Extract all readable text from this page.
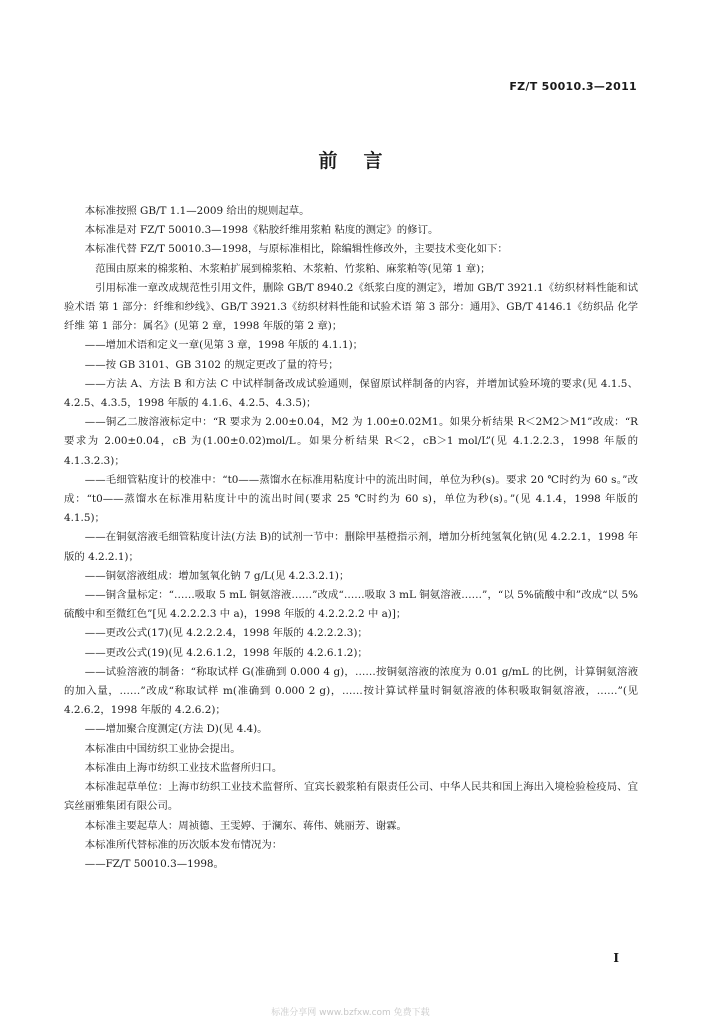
FZ/T 50010.3—2011
前言

本标准按照 GB/T 1.1—2009 给出的规则起草。

本标准是对 FZ/T 50010.3—1998《粘胶纤维用浆粕 粘度的测定》的修订。

本标准代替 FZ/T 50010.3—1998，与原标准相比，除编辑性修改外，主要技术变化如下：

范围由原来的棉浆粕、木浆粕扩展到棉浆粕、木浆粕、竹浆粕、麻浆粕等(见第 1 章)；

引用标准一章改成规范性引用文件，删除 GB/T 8940.2《纸浆白度的测定》，增加 GB/T 3921.1《纺织材料性能和试验术语 第 1 部分：纤维和纱线》、GB/T 3921.3《纺织材料性能和试验术语 第 3 部分：通用》、GB/T 4146.1《纺织品 化学纤维 第 1 部分：属名》(见第 2 章，1998 年版的第 2 章)；

——增加术语和定义一章(见第 3 章，1998 年版的 4.1.1)；

——按 GB 3101、GB 3102 的规定更改了量的符号；

——方法 A、方法 B 和方法 C 中试样制备改成试验通则，保留原试样制备的内容，并增加试验环境的要求(见 4.1.5、4.2.5、4.3.5，1998 年版的 4.1.6、4.2.5、4.3.5)；

——铜乙二胺溶液标定中：“R 要求为 2.00±0.04，M2 为 1.00±0.02M1。如果分析结果 R＜2M2＞M1”改成：“R 要求为 2.00±0.04，cB 为(1.00±0.02)mol/L。如果分析结果 R＜2，cB＞1 mol/L”(见 4.1.2.2.3，1998 年版的 4.1.3.2.3)；

——毛细管粘度计的校准中：“t0——蒸馏水在标准用粘度计中的流出时间，单位为秒(s)。要求 20 ℃时约为 60 s。”改成：“t0——蒸馏水在标准用粘度计中的流出时间(要求 25 ℃时约为 60 s)，单位为秒(s)。”(见 4.1.4，1998 年版的 4.1.5)；

——在铜氨溶液毛细管粘度计法(方法 B)的试剂一节中：删除甲基橙指示剂，增加分析纯氢氧化钠(见 4.2.2.1，1998 年版的 4.2.2.1)；

——铜氨溶液组成：增加氢氧化钠 7 g/L(见 4.2.3.2.1)；

——铜含量标定：“……吸取 5 mL 铜氨溶液……”改成“……吸取 3 mL 铜氨溶液……”，“以 5%硫酸中和”改成“以 5%硫酸中和至微红色”[见 4.2.2.2.3 中 a)，1998 年版的 4.2.2.2.2 中 a)]；

——更改公式(17)(见 4.2.2.2.4，1998 年版的 4.2.2.2.3)；

——更改公式(19)(见 4.2.6.1.2，1998 年版的 4.2.6.1.2)；

——试验溶液的制备：“称取试样 G(准确到 0.000 4 g)，……按铜氨溶液的浓度为 0.01 g/mL 的比例，计算铜氨溶液的加入量，……”改成“称取试样 m(准确到 0.000 2 g)，……按计算试样量时铜氨溶液的体积吸取铜氨溶液，……”(见 4.2.6.2，1998 年版的 4.2.6.2)；

——增加聚合度测定(方法 D)(见 4.4)。

本标准由中国纺织工业协会提出。

本标准由上海市纺织工业技术监督所归口。

本标准起草单位：上海市纺织工业技术监督所、宜宾长毅浆粕有限责任公司、中华人民共和国上海出入境检验检疫局、宜宾丝丽雅集团有限公司。

本标准主要起草人：周祯德、王雯婷、于澜东、蒋伟、姚丽芳、谢霖。

本标准所代替标准的历次版本发布情况为：

——FZ/T 50010.3—1998。

I
标准分享网 www.bzfxw.com 免费下载
